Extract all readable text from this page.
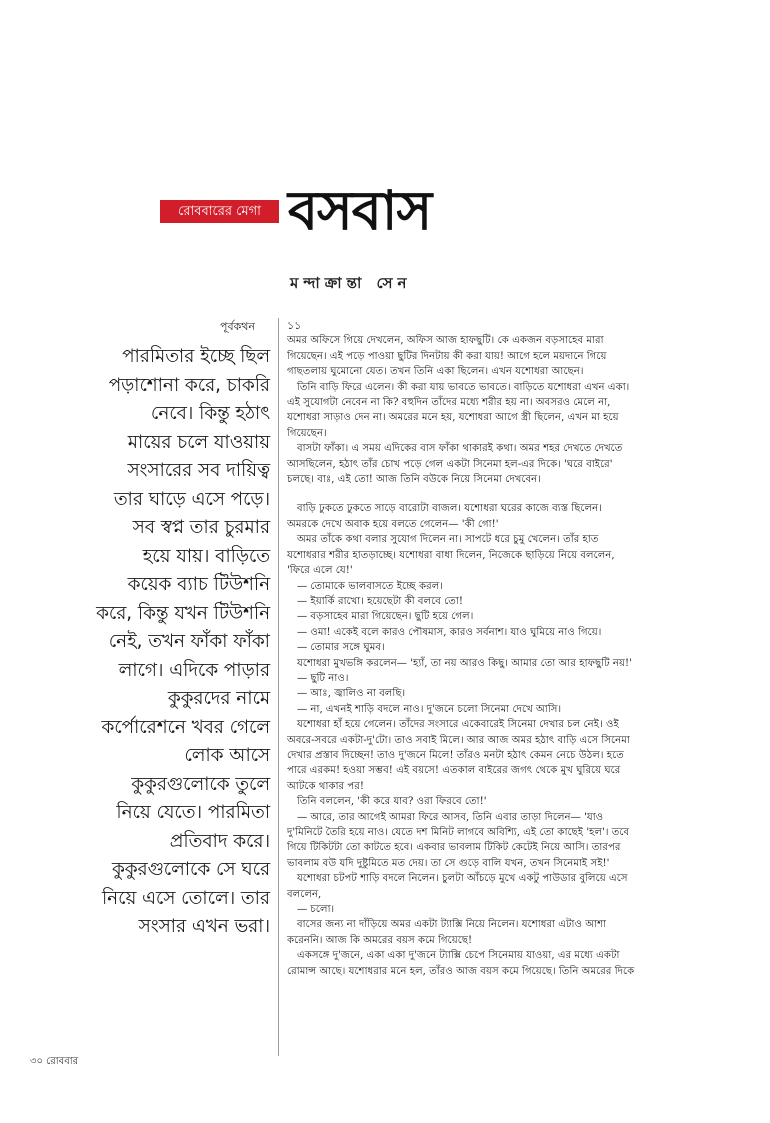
রোববারের মেগা বসবাস
মন্দাক্রান্তা সেন
পূর্বকথন
পারমিতার ইচ্ছে ছিল
পড়াশোনা করে, চাকরি
নেবে। কিন্তু হঠাৎ
মায়ের চলে যাওয়ায়
সংসারের সব দায়িত্ব
তার ঘাড়ে এসে পড়ে।
সব স্বপ্ন তার চুরমার
হয়ে যায়। বাড়িতে
কয়েক ব্যাচ টিউশনি
করে, কিন্তু যখন টিউশনি
নেই, তখন ফাঁকা ফাঁকা
লাগে। এদিকে পাড়ার
কুকুরদের নামে
কর্পোরেশনে খবর গেলে
লোক আসে
কুকুরগুলোকে তুলে
নিয়ে যেতে। পারমিতা
প্রতিবাদ করে।
কুকুরগুলোকে সে ঘরে
নিয়ে এসে তোলে। তার
সংসার এখন ভরা।
১১
অমর অফিসে গিয়ে দেখলেন, অফিস আজ হাফছুটি। কে একজন বড়সাহেব মারা
গিয়েছেন। এই পড়ে পাওয়া ছুটির দিনটায় কী করা যায়! আগে হলে ময়দানে গিয়ে
গাছতলায় ঘুমোনো যেত। তখন তিনি একা ছিলেন। এখন যশোধরা আছেন।
তিনি বাড়ি ফিরে এলেন। কী করা যায় ভাবতে ভাবতে। বাড়িতে যশোধরা এখন একা।
এই সুযোগটা নেবেন না কি? বহুদিন তাঁদের মধ্যে শরীর হয় না। অবসরও মেলে না,
যশোধরা সাড়াও দেন না। অমরের মনে হয়, যশোধরা আগে স্ত্রী ছিলেন, এখন মা হয়ে
গিয়েছেন।
বাসটা ফাঁকা। এ সময় এদিকের বাস ফাঁকা থাকারই কথা। অমর শহর দেখতে দেখতে
আসছিলেন, হঠাৎ তাঁর চোখ পড়ে গেল একটা সিনেমা হল-এর দিকে। 'ঘরে বাইরে'
চলছে। বাঃ, এই তো! আজ তিনি বউকে নিয়ে সিনেমা দেখবেন।
বাড়ি ঢুকতে ঢুকতে সাড়ে বারোটা বাজল। যশোধরা ঘরের কাজে ব্যস্ত ছিলেন।
অমরকে দেখে অবাক হয়ে বলতে গেলেন— 'কী গো!'
অমর তাঁকে কথা বলার সুযোগ দিলেন না। সাপটে ধরে চুমু খেলেন। তাঁর হাত
যশোধরার শরীর হাতড়াচ্ছে। যশোধরা বাধা দিলেন, নিজেকে ছাড়িয়ে নিয়ে বললেন,
'ফিরে এলে যে!'
— তোমাকে ভালবাসতে ইচ্ছে করল।
— ইয়ার্কি রাখো। হয়েছেটা কী বলবে তো!
— বড়সাহেব মারা গিয়েছেন। ছুটি হয়ে গেল।
— ওমা! একেই বলে কারও পৌষমাস, কারও সর্বনাশ। যাও ঘুমিয়ে নাও গিয়ে।
— তোমার সঙ্গে ঘুমব।
যশোধরা মুখভঙ্গি করলেন— 'হ্যাঁ, তা নয় আরও কিছু। আমার তো আর হাফছুটি নয়!'
— ছুটি নাও।
— আঃ, জ্বালিও না বলছি।
— না, এখনই শাড়ি বদলে নাও। দু'জনে চলো সিনেমা দেখে আসি।
যশোধরা হাঁ হয়ে গেলেন। তাঁদের সংসারে একেবারেই সিনেমা দেখার চল নেই। ওই
অবরে-সবরে একটা-দু'টো। তাও সবাই মিলে। আর আজ অমর হঠাৎ বাড়ি এসে সিনেমা
দেখার প্রস্তাব দিচ্ছেন! তাও দু'জনে মিলে! তাঁরও মনটা হঠাৎ কেমন নেচে উঠল। হতে
পারে এরকম! হওয়া সম্ভব! এই বয়সে! এতকাল বাইরের জগৎ থেকে মুখ ঘুরিয়ে ঘরে
আটকে থাকার পর!
তিনি বললেন, 'কী করে যাব? ওরা ফিরবে তো!'
— আরে, তার আগেই আমরা ফিরে আসব, তিনি এবার তাড়া দিলেন— 'যাও
দু'মিনিটে তৈরি হয়ে নাও। যেতে দশ মিনিট লাগবে অবিশ্যি, এই তো কাছেই 'হল'। তবে
গিয়ে টিকিটটা তো কাটতে হবে। একবার ভাবলাম টিকিট কেটেই নিয়ে আসি। তারপর
ভাবলাম বউ যদি দুষ্টুমিতে মত দেয়। তা সে গুড়ে বালি যখন, তখন সিনেমাই সই!'
যশোধরা চটপট শাড়ি বদলে নিলেন। চুলটা আঁচড়ে মুখে একটু পাউডার বুলিয়ে এসে
বললেন,
— চলো।
বাসের জন্য না দাঁড়িয়ে অমর একটা ট্যাক্সি নিয়ে নিলেন। যশোধরা এটাও আশা
করেননি। আজ কি অমরের বয়স কমে গিয়েছে!
একসঙ্গে দু'জনে, একা একা দু'জনে ট্যাক্সি চেপে সিনেমায় যাওয়া, এর মধ্যে একটা
রোমান্স আছে। যশোধরার মনে হল, তাঁরও আজ বয়স কমে গিয়েছে। তিনি অমরের দিকে
৩০ রোববার
